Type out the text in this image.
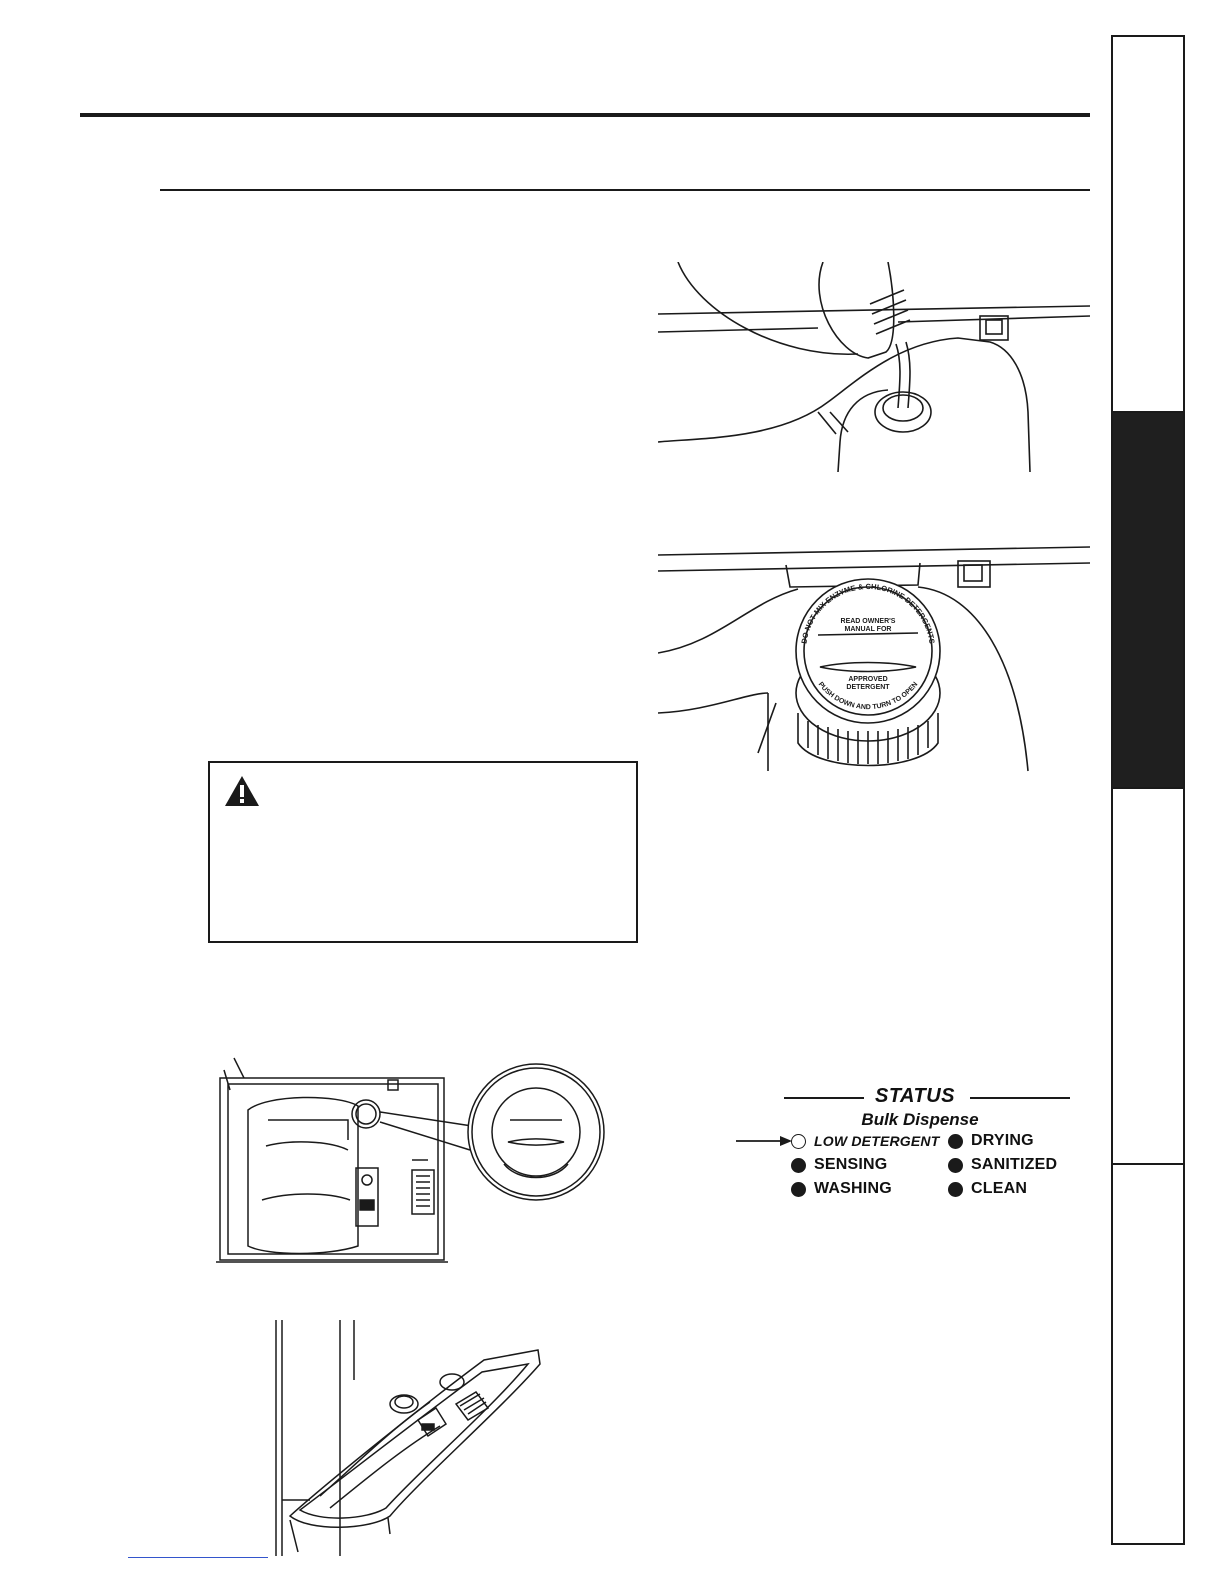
READ OWNER'S
MANUAL FOR
APPROVED
DETERGENT
DO NOT MIX ENZYME & CHLORINE DETERGENTS
PUSH DOWN AND TURN TO OPEN
STATUS
Bulk Dispense
LOW DETERGENT DRYING
SENSING	SANITIZED
WASHING	CLEAN
